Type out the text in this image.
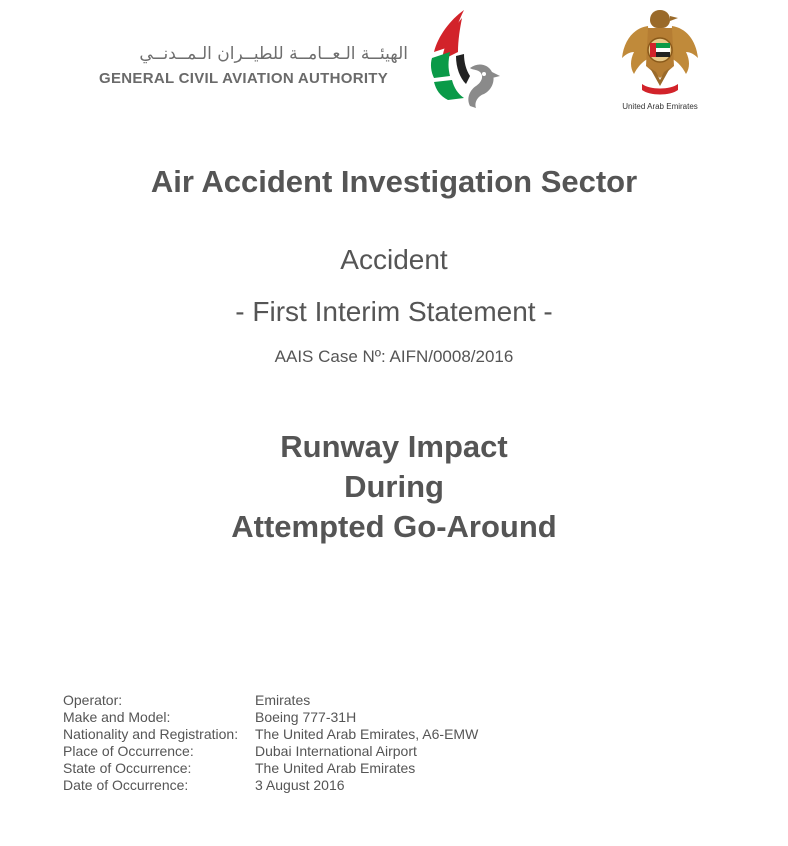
الهيئــة الـعــامــة للطيــران الـمــدنــي
GENERAL CIVIL AVIATION AUTHORITY
United Arab Emirates
Air Accident Investigation Sector
Accident
- First Interim Statement -
AAIS Case Nº: AIFN/0008/2016
Runway Impact
During
Attempted Go-Around
Operator:	Emirates
Make and Model:	Boeing 777-31H
Nationality and Registration:	The United Arab Emirates, A6-EMW
Place of Occurrence:	Dubai International Airport
State of Occurrence:	The United Arab Emirates
Date of Occurrence:	3 August 2016
